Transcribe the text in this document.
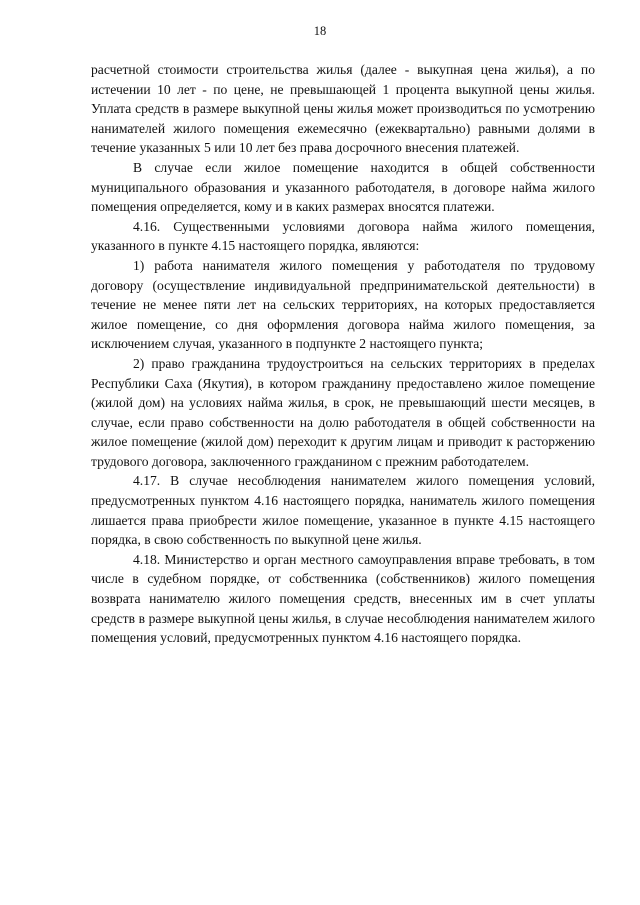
18

расчетной стоимости строительства жилья (далее - выкупная цена жилья), а по истечении 10 лет - по цене, не превышающей 1 процента выкупной цены жилья. Уплата средств в размере выкупной цены жилья может производиться по усмотрению нанимателей жилого помещения ежемесячно (ежеквартально) равными долями в течение указанных 5 или 10 лет без права досрочного внесения платежей.

В случае если жилое помещение находится в общей собственности муниципального образования и указанного работодателя, в договоре найма жилого помещения определяется, кому и в каких размерах вносятся платежи.

4.16. Существенными условиями договора найма жилого помещения, указанного в пункте 4.15 настоящего порядка, являются:

1) работа нанимателя жилого помещения у работодателя по трудовому договору (осуществление индивидуальной предпринимательской деятельности) в течение не менее пяти лет на сельских территориях, на которых предоставляется жилое помещение, со дня оформления договора найма жилого помещения, за исключением случая, указанного в подпункте 2 настоящего пункта;

2) право гражданина трудоустроиться на сельских территориях в пределах Республики Саха (Якутия), в котором гражданину предоставлено жилое помещение (жилой дом) на условиях найма жилья, в срок, не превышающий шести месяцев, в случае, если право собственности на долю работодателя в общей собственности на жилое помещение (жилой дом) переходит к другим лицам и приводит к расторжению трудового договора, заключенного гражданином с прежним работодателем.

4.17. В случае несоблюдения нанимателем жилого помещения условий, предусмотренных пунктом 4.16 настоящего порядка, наниматель жилого помещения лишается права приобрести жилое помещение, указанное в пункте 4.15 настоящего порядка, в свою собственность по выкупной цене жилья.

4.18. Министерство и орган местного самоуправления вправе требовать, в том числе в судебном порядке, от собственника (собственников) жилого помещения возврата нанимателю жилого помещения средств, внесенных им в счет уплаты средств в размере выкупной цены жилья, в случае несоблюдения нанимателем жилого помещения условий, предусмотренных пунктом 4.16 настоящего порядка.
